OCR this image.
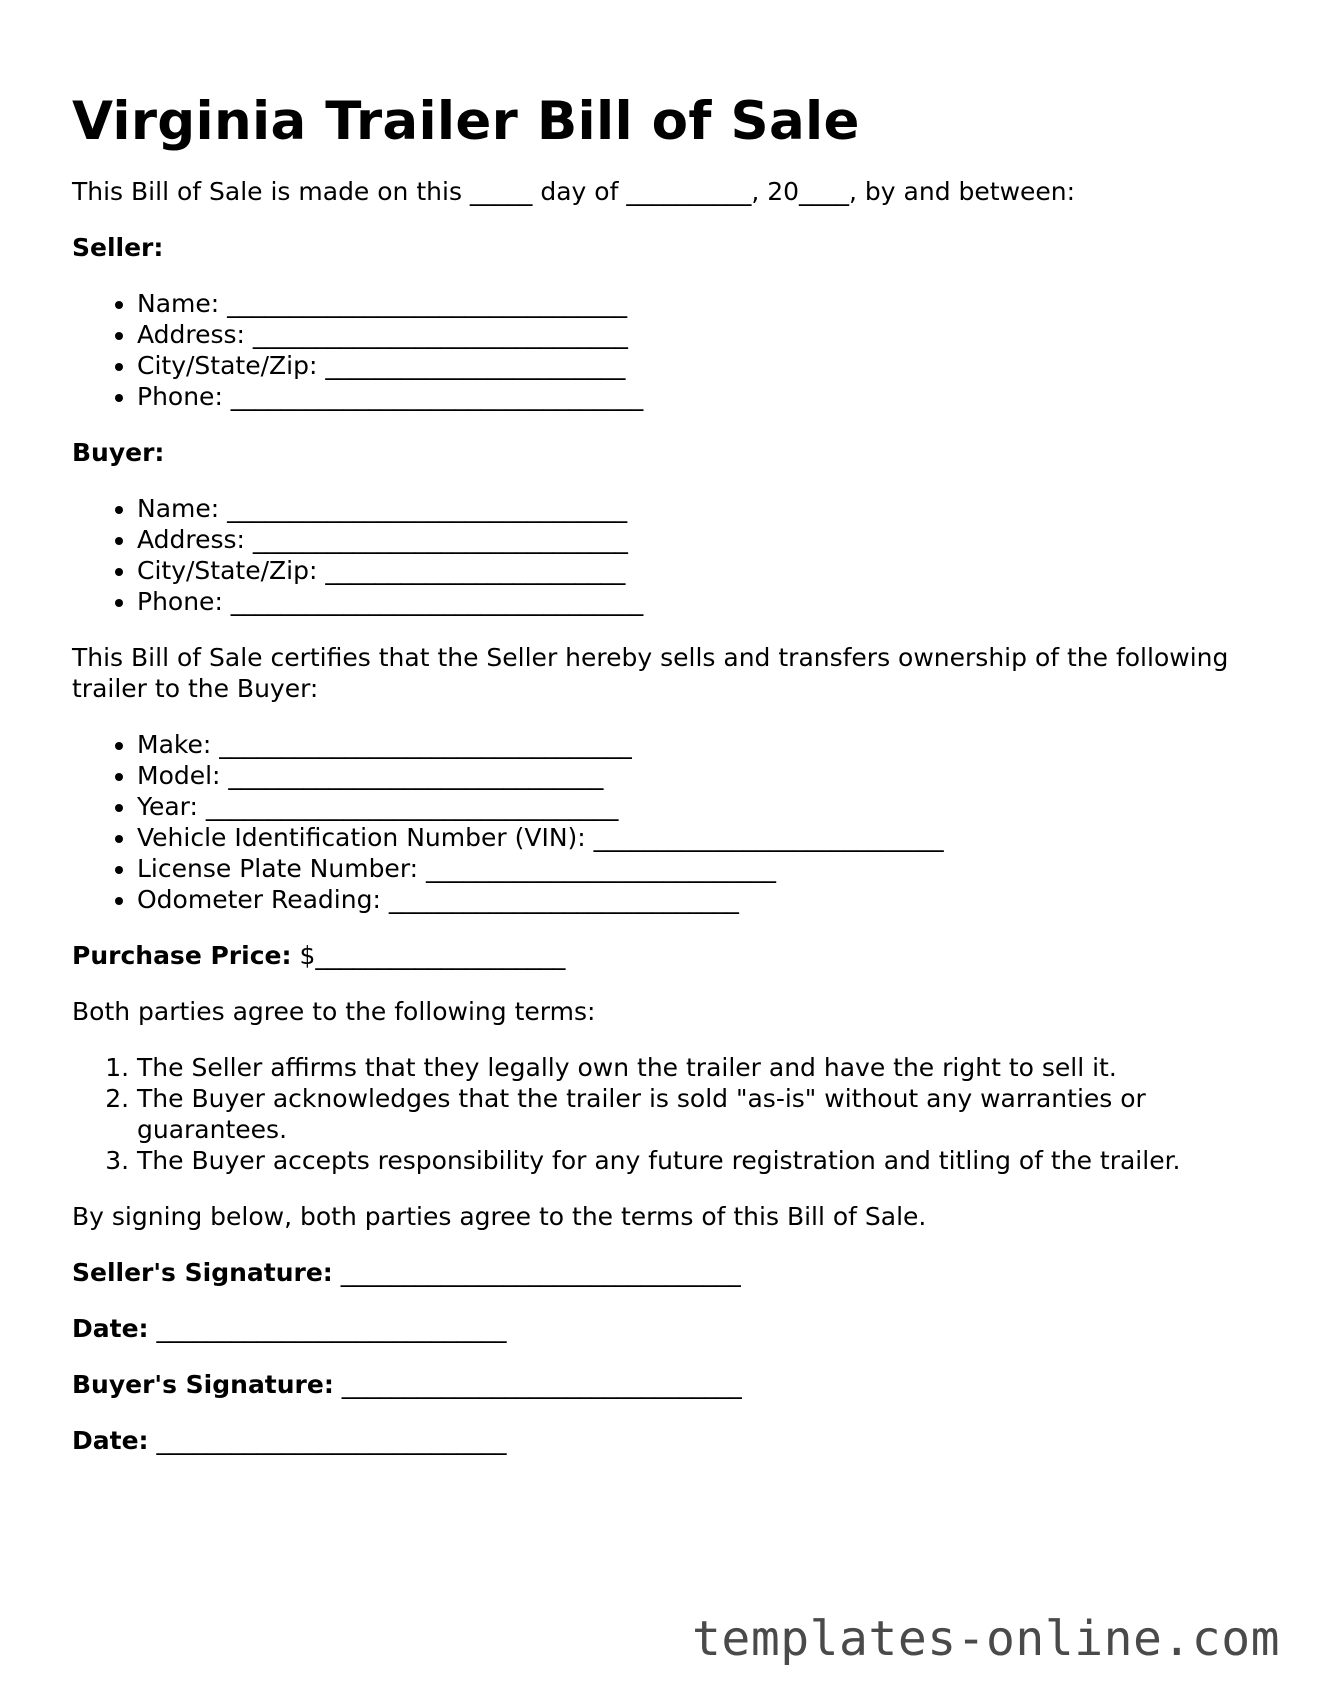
Virginia Trailer Bill of Sale

This Bill of Sale is made on this _____ day of __________, 20____, by and between:

Seller:

• Name: ________________________________
• Address: ______________________________
• City/State/Zip: ________________________
• Phone: _________________________________

Buyer:

• Name: ________________________________
• Address: ______________________________
• City/State/Zip: ________________________
• Phone: _________________________________

This Bill of Sale certifies that the Seller hereby sells and transfers ownership of the following trailer to the Buyer:

• Make: _________________________________
• Model: ______________________________
• Year: _________________________________
• Vehicle Identification Number (VIN): ____________________________
• License Plate Number: ____________________________
• Odometer Reading: ____________________________

Purchase Price: $____________________

Both parties agree to the following terms:

1. The Seller affirms that they legally own the trailer and have the right to sell it.
2. The Buyer acknowledges that the trailer is sold "as-is" without any warranties or guarantees.
3. The Buyer accepts responsibility for any future registration and titling of the trailer.

By signing below, both parties agree to the terms of this Bill of Sale.

Seller's Signature: ________________________________

Date: ____________________________

Buyer's Signature: ________________________________

Date: ____________________________

templates-online.com
